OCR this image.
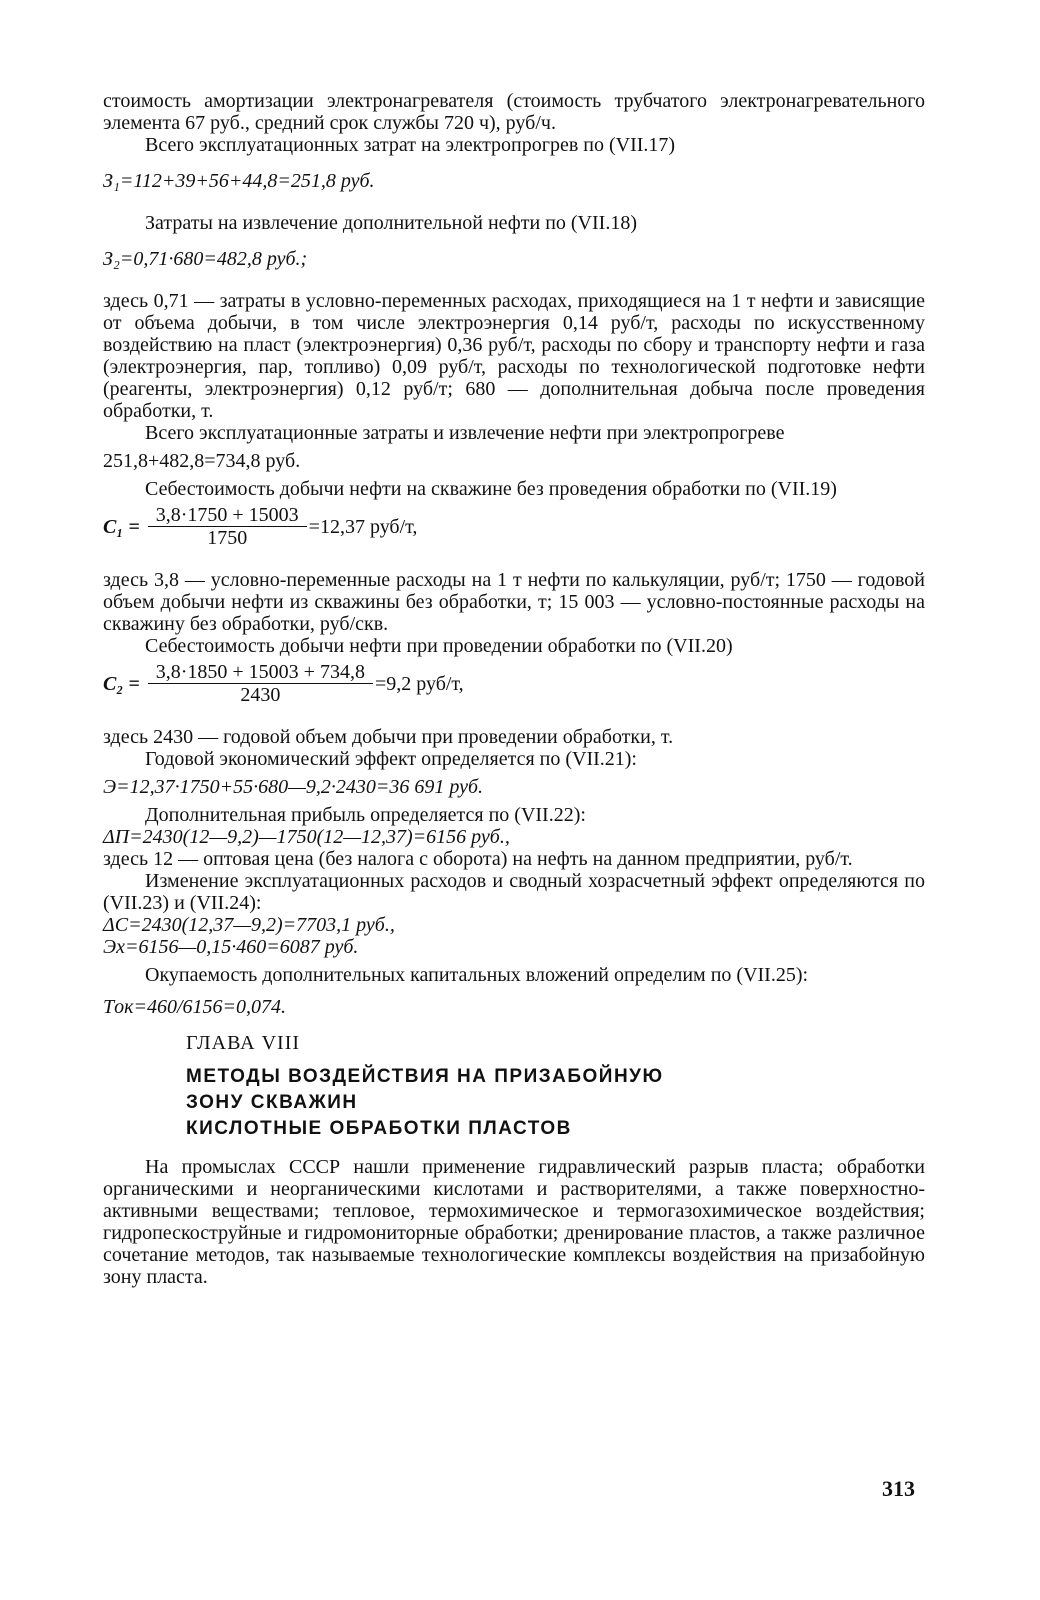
стоимость амортизации электронагревателя (стоимость трубчатого электронагревательного элемента 67 руб., средний срок службы 720 ч), руб/ч.

Всего эксплуатационных затрат на электропрогрев по (VII.17)

З₁=112+39+56+44,8=251,8 руб.

Затраты на извлечение дополнительной нефти по (VII.18)

З₂=0,71·680=482,8 руб.;

здесь 0,71 — затраты в условно-переменных расходах, приходящиеся на 1 т нефти и зависящие от объема добычи, в том числе электроэнергия 0,14 руб/т, расходы по искусственному воздействию на пласт (электроэнергия) 0,36 руб/т, расходы по сбору и транспорту нефти и газа (электроэнергия, пар, топливо) 0,09 руб/т, расходы по технологической подготовке нефти (реагенты, электроэнергия) 0,12 руб/т; 680 — дополнительная добыча после проведения обработки, т.

Всего эксплуатационные затраты и извлечение нефти при электропрогреве

251,8+482,8=734,8 руб.

Себестоимость добычи нефти на скважине без проведения обработки по (VII.19)

$C_1 = \frac{3,8\cdot 1750 + 15003}{1750} =12,37$ руб/т,

здесь 3,8 — условно-переменные расходы на 1 т нефти по калькуляции, руб/т; 1750 — годовой объем добычи нефти из скважины без обработки, т; 15 003 — условно-постоянные расходы на скважину без обработки, руб/скв.

Себестоимость добычи нефти при проведении обработки по (VII.20)

$C_2 = \frac{3,8\cdot 1850 + 15003 + 734,8}{2430} =9,2$ руб/т,

здесь 2430 — годовой объем добычи при проведении обработки, т.

Годовой экономический эффект определяется по (VII.21):

Э=12,37·1750+55·680—9,2·2430=36 691 руб.

Дополнительная прибыль определяется по (VII.22):

ΔП=2430(12—9,2)—1750(12—12,37)=6156 руб.,

здесь 12 — оптовая цена (без налога с оборота) на нефть на данном предприятии, руб/т.

Изменение эксплуатационных расходов и сводный хозрасчетный эффект определяются по (VII.23) и (VII.24):

ΔC=2430(12,37—9,2)=7703,1 руб.,

Эх=6156—0,15·460=6087 руб.

Окупаемость дополнительных капитальных вложений определим по (VII.25):

Tок=460/6156=0,074.

ГЛАВА VIII

МЕТОДЫ ВОЗДЕЙСТВИЯ НА ПРИЗАБОЙНУЮ

ЗОНУ СКВАЖИН

КИСЛОТНЫЕ ОБРАБОТКИ ПЛАСТОВ

На промыслах СССР нашли применение гидравлический разрыв пласта; обработки органическими и неорганическими кислотами и растворителями, а также поверхностно-активными веществами; тепловое, термохимическое и термогазохимическое воздействия; гидропескоструйные и гидромониторные обработки; дренирование пластов, а также различное сочетание методов, так называемые технологические комплексы воздействия на призабойную зону пласта.

313
